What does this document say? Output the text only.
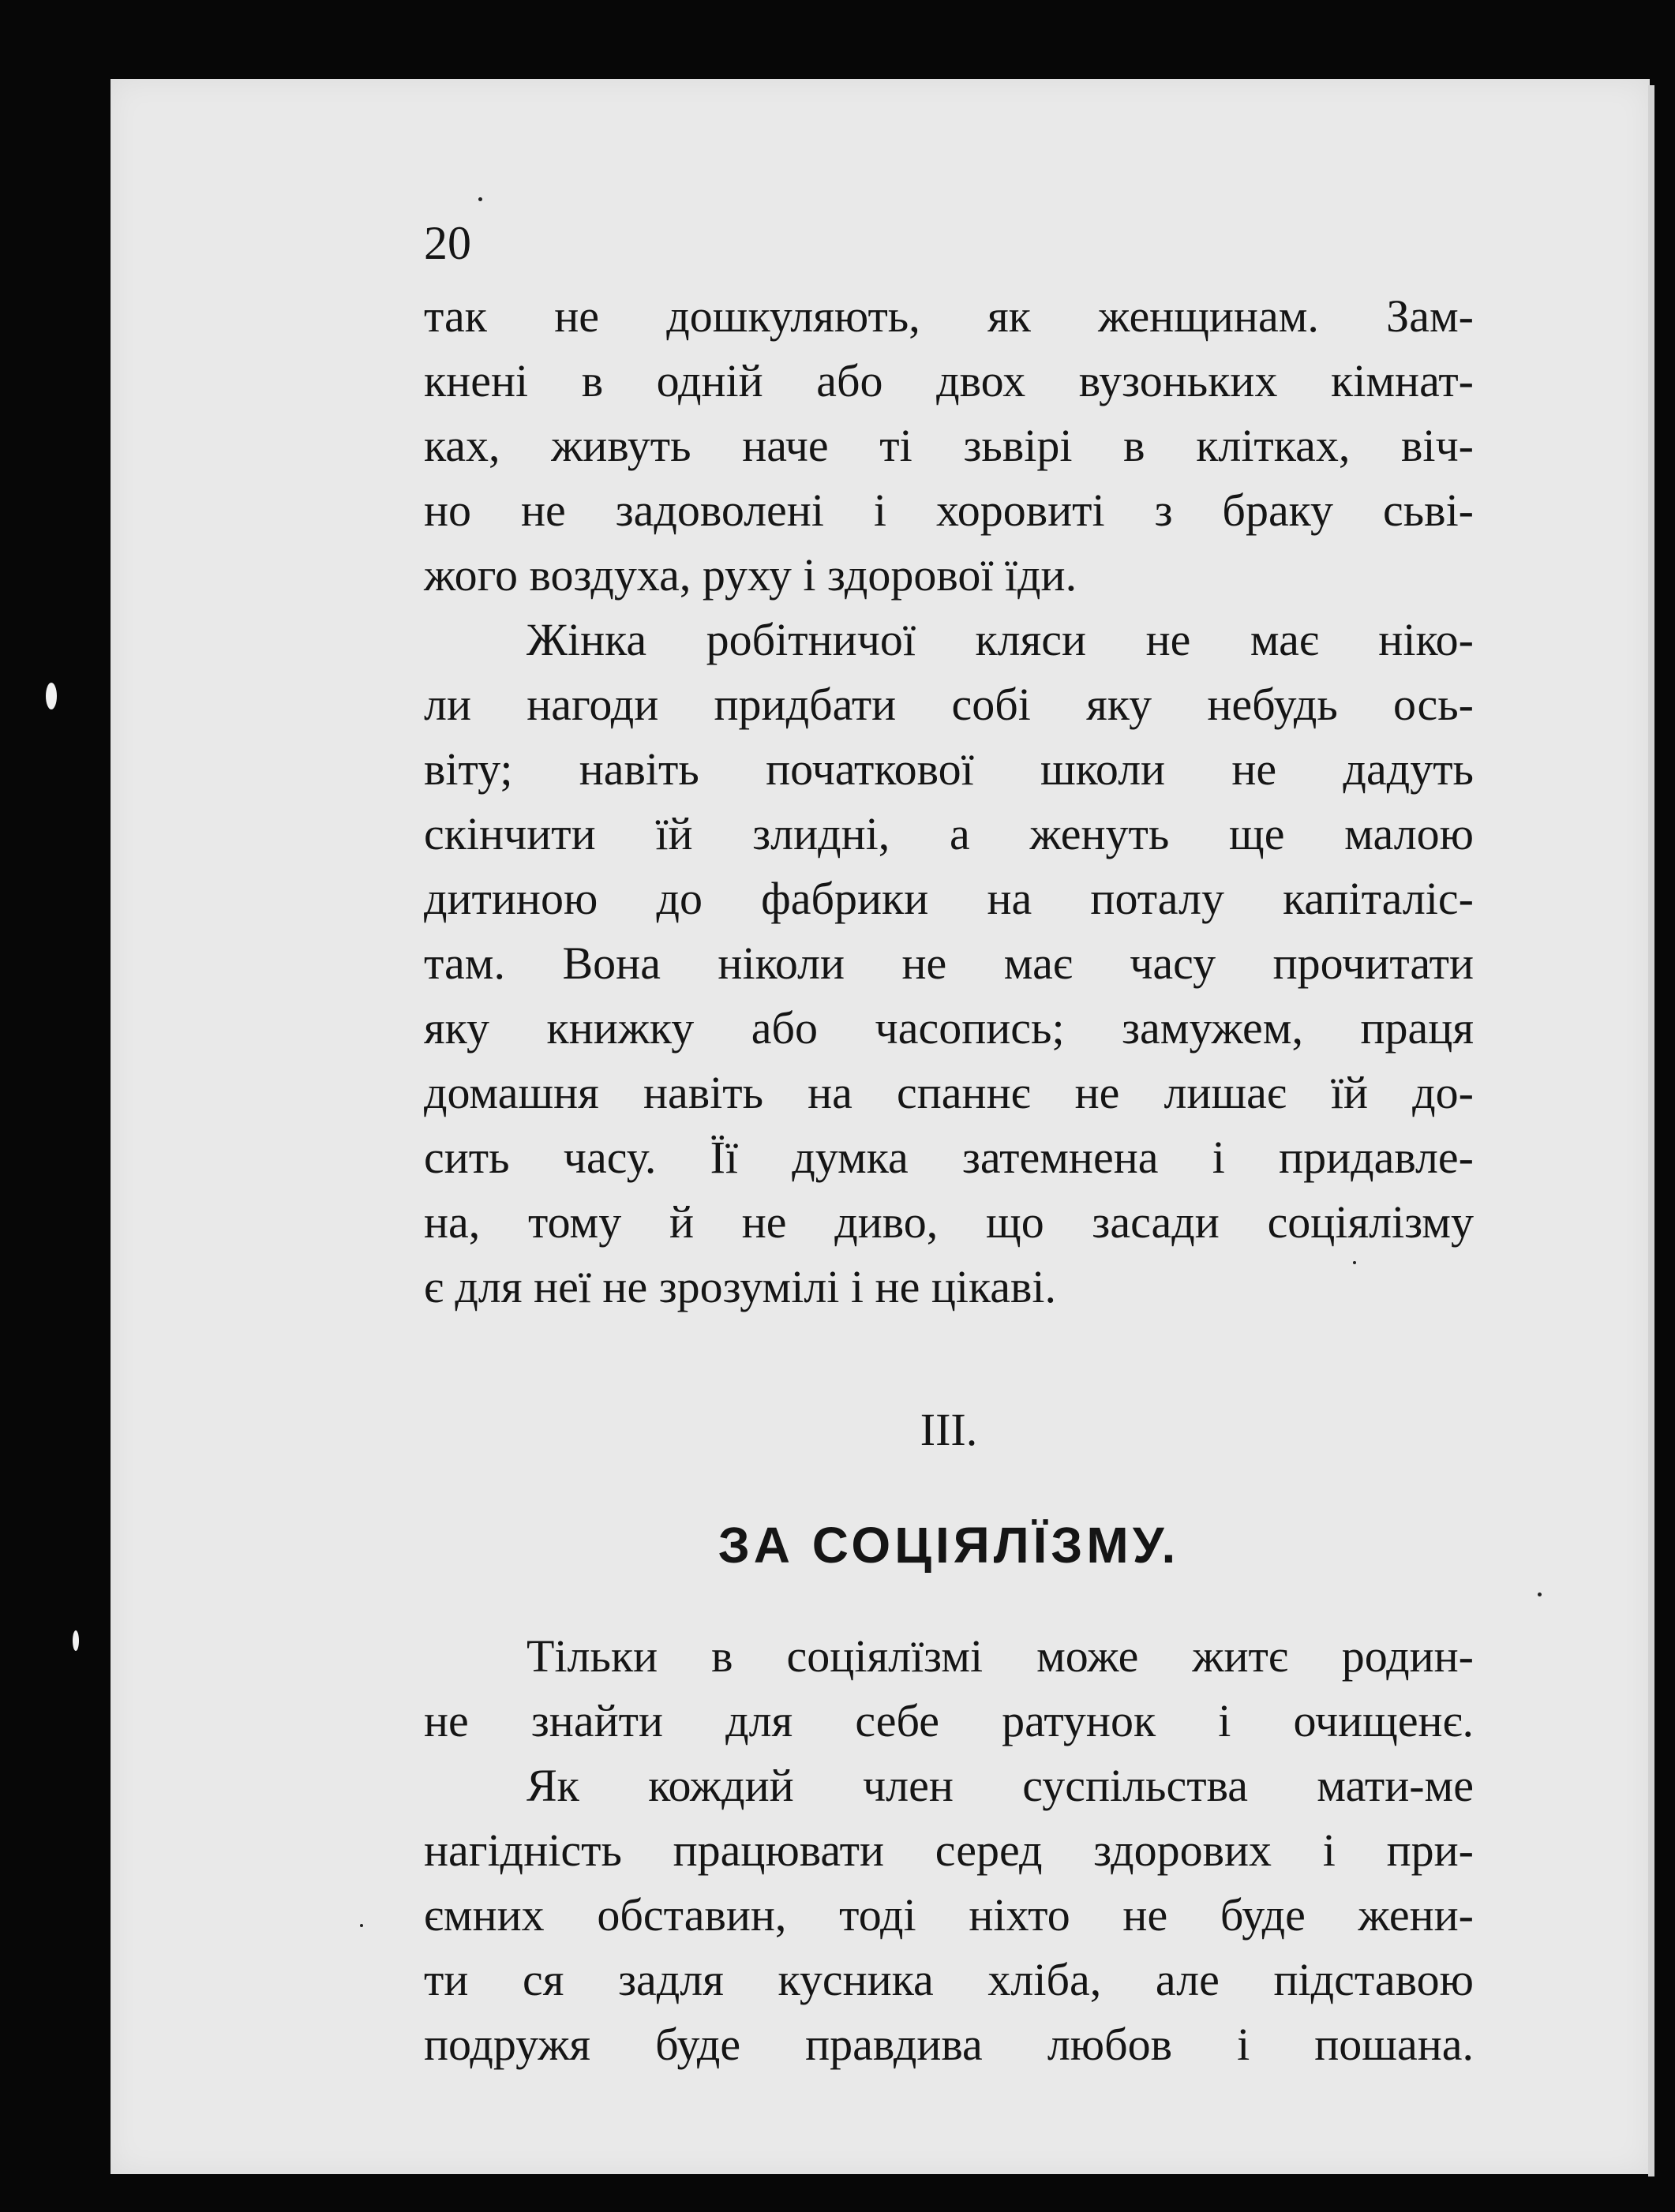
20
так не дошкуляють, як женщинам. Зам-
кнені в одній або двох вузоньких кімнат-
ках, живуть наче ті зьвірі в клітках, віч-
но не задоволені і хоровиті з браку сьві-
жого воздуха, руху і здорової їди.
Жінка робітничої кляси не має ніко-
ли нагоди придбати собі яку небудь ось-
віту; навіть початкової школи не дадуть
скінчити їй злидні, а женуть ще малою
дитиною до фабрики на поталу капіталіс-
там. Вона ніколи не має часу прочитати
яку книжку або часопись; замужем, праця
домашня навіть на спаннє не лишає їй до-
сить часу. Її думка затемнена і придавле-
на, тому й не диво, що засади соціялізму
є для неї не зрозумілі і не цікаві.
III.
ЗА СОЦІЯЛЇЗМУ.
Тільки в соціялїзмі може житє родин-
не знайти для себе ратунок і очищенє.
Як кождий член суспільства мати-ме
нагідність працювати серед здорових і при-
ємних обставин, тоді ніхто не буде жени-
ти ся задля кусника хліба, але підставою
подружя буде правдива любов і пошана.
